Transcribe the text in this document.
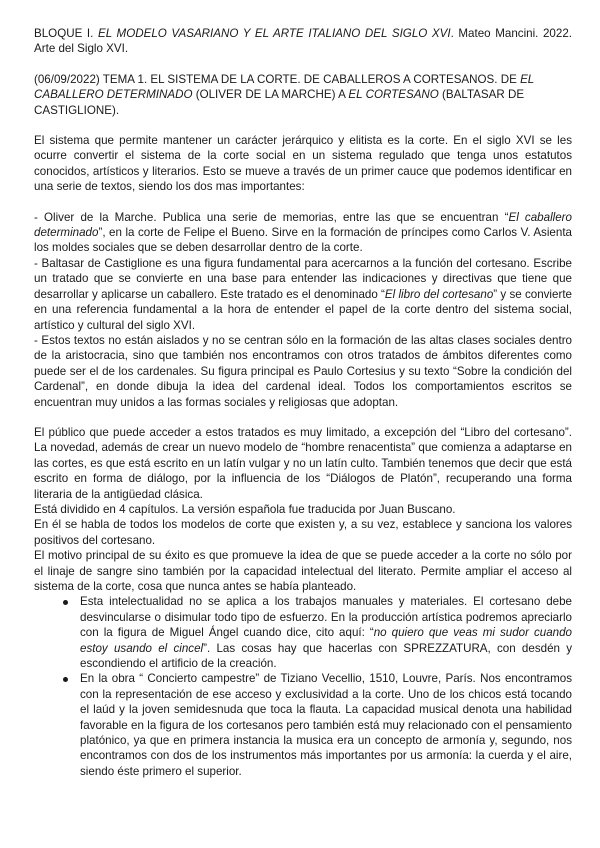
BLOQUE I. EL MODELO VASARIANO Y EL ARTE ITALIANO DEL SIGLO XVI. Mateo Mancini. 2022. Arte del Siglo XVI.

(06/09/2022) TEMA 1. EL SISTEMA DE LA CORTE. DE CABALLEROS A CORTESANOS. DE EL CABALLERO DETERMINADO (OLIVER DE LA MARCHE) A EL CORTESANO (BALTASAR DE CASTIGLIONE).

El sistema que permite mantener un carácter jerárquico y elitista es la corte. En el siglo XVI se les ocurre convertir el sistema de la corte social en un sistema regulado que tenga unos estatutos conocidos, artísticos y literarios. Esto se mueve a través de un primer cauce que podemos identificar en una serie de textos, siendo los dos mas importantes:

- Oliver de la Marche. Publica una serie de memorias, entre las que se encuentran “El caballero determinado”, en la corte de Felipe el Bueno. Sirve en la formación de príncipes como Carlos V. Asienta los moldes sociales que se deben desarrollar dentro de la corte.

- Baltasar de Castiglione es una figura fundamental para acercarnos a la función del cortesano. Escribe un tratado que se convierte en una base para entender las indicaciones y directivas que tiene que desarrollar y aplicarse un caballero. Este tratado es el denominado “El libro del cortesano” y se convierte en una referencia fundamental a la hora de entender el papel de la corte dentro del sistema social, artístico y cultural del siglo XVI.

- Estos textos no están aislados y no se centran sólo en la formación de las altas clases sociales dentro de la aristocracia, sino que también nos encontramos con otros tratados de ámbitos diferentes como puede ser el de los cardenales. Su figura principal es Paulo Cortesius y su texto “Sobre la condición del Cardenal”, en donde dibuja la idea del cardenal ideal. Todos los comportamientos escritos se encuentran muy unidos a las formas sociales y religiosas que adoptan.

El público que puede acceder a estos tratados es muy limitado, a excepción del “Libro del cortesano”. La novedad, además de crear un nuevo modelo de “hombre renacentista” que comienza a adaptarse en las cortes, es que está escrito en un latín vulgar y no un latín culto. También tenemos que decir que está escrito en forma de diálogo, por la influencia de los “Diálogos de Platón”, recuperando una forma literaria de la antigüedad clásica.

Está dividido en 4 capítulos. La versión española fue traducida por Juan Buscano.

En él se habla de todos los modelos de corte que existen y, a su vez, establece y sanciona los valores positivos del cortesano.

El motivo principal de su éxito es que promueve la idea de que se puede acceder a la corte no sólo por el linaje de sangre sino también por la capacidad intelectual del literato. Permite ampliar el acceso al sistema de la corte, cosa que nunca antes se había planteado.

Esta intelectualidad no se aplica a los trabajos manuales y materiales. El cortesano debe desvincularse o disimular todo tipo de esfuerzo. En la producción artística podremos apreciarlo con la figura de Miguel Ángel cuando dice, cito aquí: “no quiero que veas mi sudor cuando estoy usando el cincel”. Las cosas hay que hacerlas con SPREZZATURA, con desdén y escondiendo el artificio de la creación.
En la obra “ Concierto campestre” de Tiziano Vecellio, 1510, Louvre, París. Nos encontramos con la representación de ese acceso y exclusividad a la corte. Uno de los chicos está tocando el laúd y la joven semidesnuda que toca la flauta. La capacidad musical denota una habilidad favorable en la figura de los cortesanos pero también está muy relacionado con el pensamiento platónico, ya que en primera instancia la musica era un concepto de armonía y, segundo, nos encontramos con dos de los instrumentos más importantes por us armonía: la cuerda y el aire, siendo éste primero el superior.
